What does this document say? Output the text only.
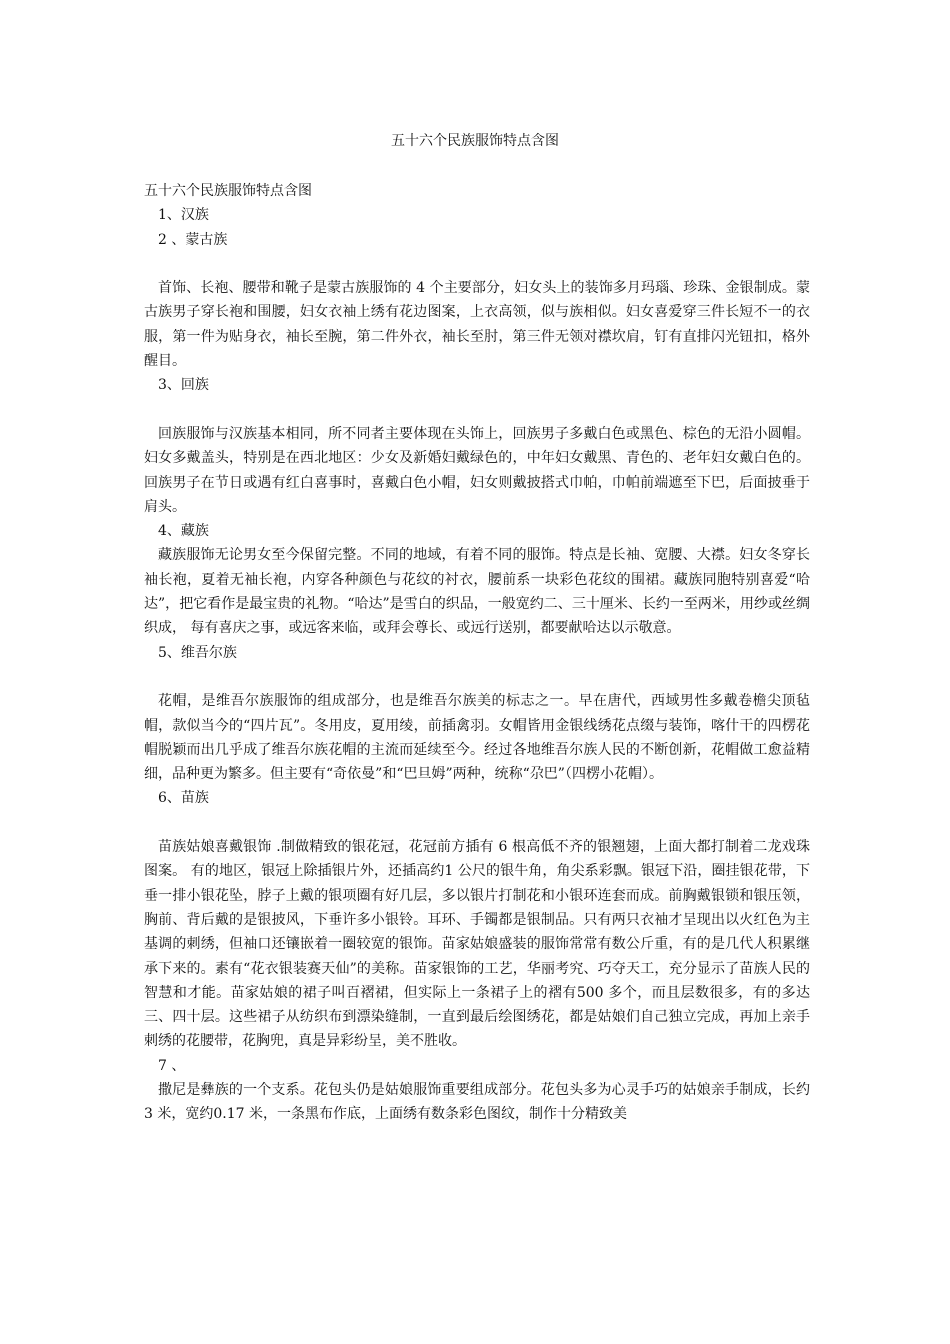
五十六个民族服饰特点含图

五十六个民族服饰特点含图

1、汉族

2 、蒙古族

首饰、长袍、腰带和靴子是蒙古族服饰的 4 个主要部分，妇女头上的装饰多月玛瑙、珍珠、金银制成。蒙古族男子穿长袍和围腰，妇女衣袖上绣有花边图案，上衣高领，似与族相似。妇女喜爱穿三件长短不一的衣服，第一件为贴身衣，袖长至腕，第二件外衣，袖长至肘，第三件无领对襟坎肩，钉有直排闪光钮扣，格外醒目。

3、回族

回族服饰与汉族基本相同，所不同者主要体现在头饰上，回族男子多戴白色或黑色、棕色的无沿小圆帽。妇女多戴盖头，特别是在西北地区：少女及新婚妇戴绿色的，中年妇女戴黑、青色的、老年妇女戴白色的。回族男子在节日或遇有红白喜事时，喜戴白色小帽，妇女则戴披搭式巾帕，巾帕前端遮至下巴，后面披垂于肩头。

4、藏族

藏族服饰无论男女至今保留完整。不同的地域，有着不同的服饰。特点是长袖、宽腰、大襟。妇女冬穿长袖长袍，夏着无袖长袍，内穿各种颜色与花纹的衬衣，腰前系一块彩色花纹的围裙。藏族同胞特别喜爱“哈达”，把它看作是最宝贵的礼物。“哈达”是雪白的织品，一般宽约二、三十厘米、长约一至两米，用纱或丝绸织成， 每有喜庆之事，或远客来临，或拜会尊长、或远行送别，都要献哈达以示敬意。

5、维吾尔族

花帽，是维吾尔族服饰的组成部分，也是维吾尔族美的标志之一。早在唐代，西域男性多戴卷檐尖顶毡帽，款似当今的“四片瓦”。冬用皮，夏用绫，前插禽羽。女帽皆用金银线绣花点缀与装饰，喀什干的四楞花帽脱颖而出几乎成了维吾尔族花帽的主流而延续至今。经过各地维吾尔族人民的不断创新，花帽做工愈益精细，品种更为繁多。但主要有“奇依曼”和“巴旦姆”两种，统称“尕巴”（四楞小花帽）。

6、苗族

苗族姑娘喜戴银饰 .制做精致的银花冠，花冠前方插有 6 根高低不齐的银翘翅，上面大都打制着二龙戏珠图案。 有的地区，银冠上除插银片外，还插高约1 公尺的银牛角，角尖系彩飘。银冠下沿，圈挂银花带，下垂一排小银花坠，脖子上戴的银项圈有好几层，多以银片打制花和小银环连套而成。前胸戴银锁和银压领，胸前、背后戴的是银披风，下垂许多小银铃。耳环、手镯都是银制品。只有两只衣袖才呈现出以火红色为主基调的刺绣，但袖口还镶嵌着一圈较宽的银饰。苗家姑娘盛装的服饰常常有数公斤重，有的是几代人积累继承下来的。素有“花衣银装赛天仙”的美称。苗家银饰的工艺，华丽考究、巧夺天工，充分显示了苗族人民的智慧和才能。苗家姑娘的裙子叫百褶裙，但实际上一条裙子上的褶有500 多个，而且层数很多，有的多达三、四十层。这些裙子从纺织布到漂染缝制，一直到最后绘图绣花，都是姑娘们自己独立完成，再加上亲手刺绣的花腰带，花胸兜，真是异彩纷呈，美不胜收。

7 、

撒尼是彝族的一个支系。花包头仍是姑娘服饰重要组成部分。花包头多为心灵手巧的姑娘亲手制成，长约3 米，宽约0.17 米，一条黑布作底，上面绣有数条彩色图纹，制作十分精致美
